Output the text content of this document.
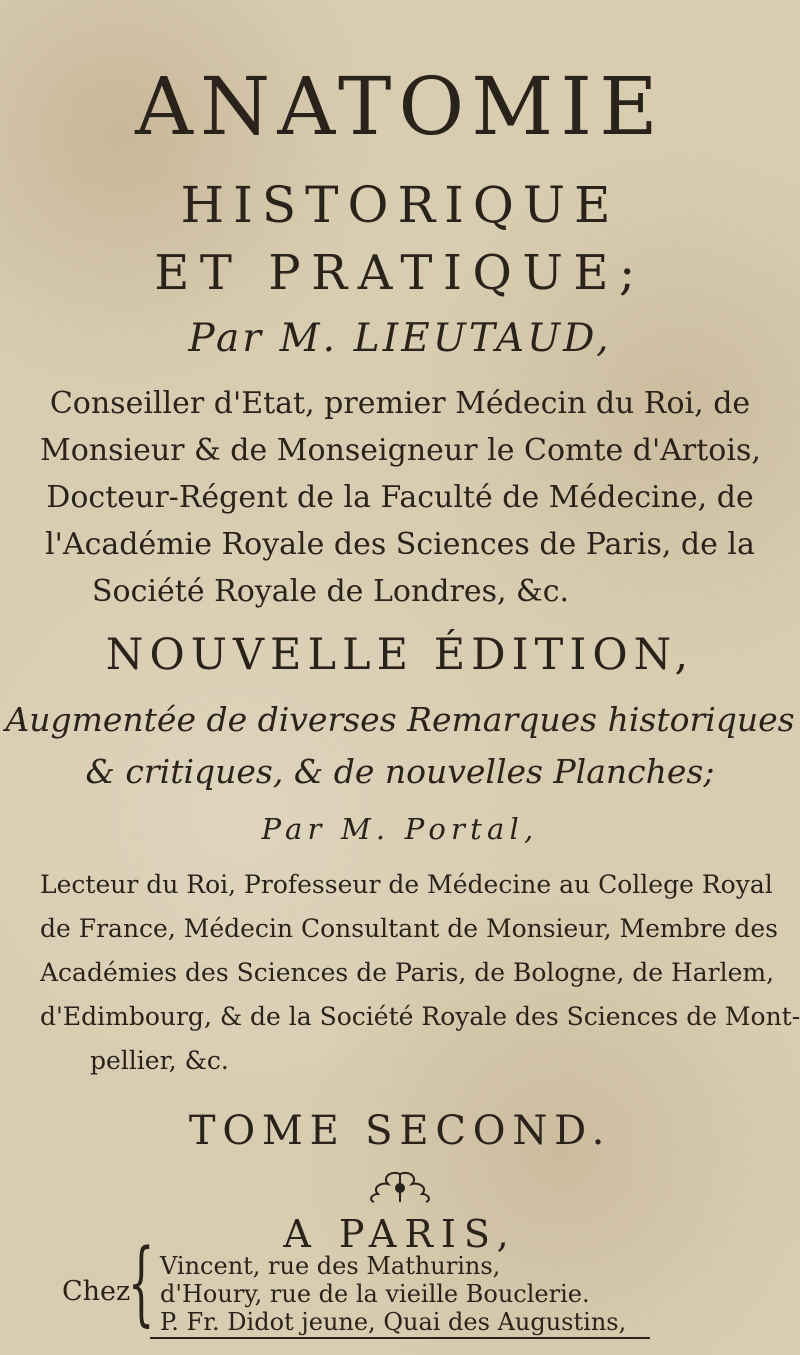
ANATOMIE
HISTORIQUE
ET PRATIQUE;
Par M. LIEUTAUD,
Conseiller d'Etat, premier Médecin du Roi, de
Monsieur & de Monseigneur le Comte d'Artois,
Docteur-Régent de la Faculté de Médecine, de
l'Académie Royale des Sciences de Paris, de la
Société Royale de Londres, &c.
NOUVELLE ÉDITION,
Augmentée de diverses Remarques historiques
& critiques, & de nouvelles Planches;
Par M. Portal,
Lecteur du Roi, Professeur de Médecine au College Royal
de France, Médecin Consultant de Monsieur, Membre des
Académies des Sciences de Paris, de Bologne, de Harlem,
d'Edimbourg, & de la Société Royale des Sciences de Mont-
pellier, &c.
TOME SECOND.
A PARIS,
Chez
{ Vincent, rue des Mathurins,
d'Houry, rue de la vieille Bouclerie.
P. Fr. Didot jeune, Quai des Augustins,
